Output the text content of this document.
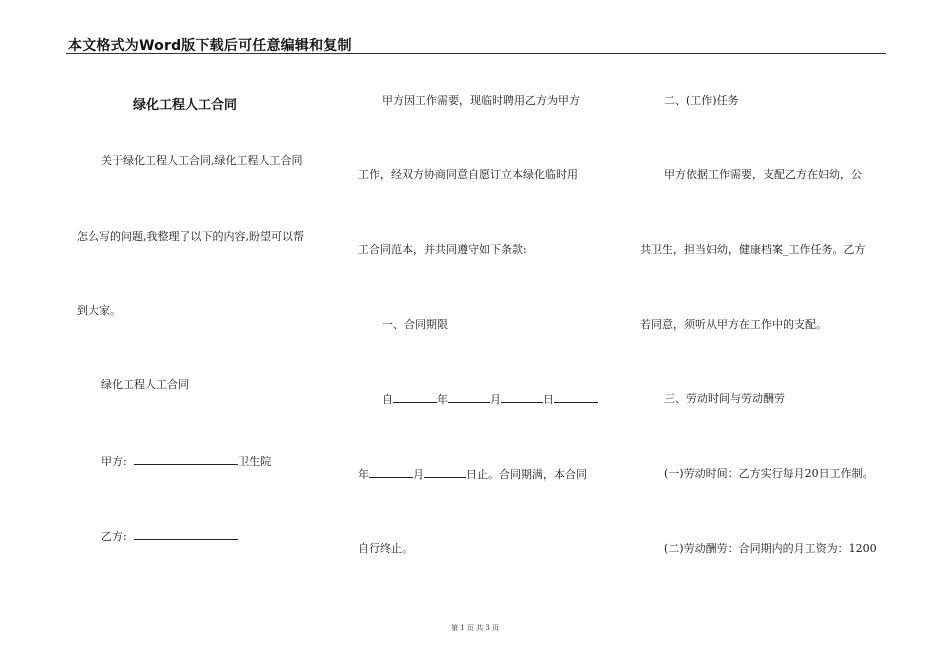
本文格式为Word版下载后可任意编辑和复制
绿化工程人工合同
关于绿化工程人工合同,绿化工程人工合同
怎么写的问题,我整理了以下的内容,盼望可以帮
到大家。
绿化工程人工合同
甲方:	卫生院
乙方:
甲方因工作需要，现临时聘用乙方为甲方
工作，经双方协商同意自愿订立本绿化临时用
工合同范本，并共同遵守如下条款:
一、合同期限
自	年	月	日
年	月	日止。合同期满，本合同
自行终止。
二、(工作)任务
甲方依据工作需要，支配乙方在妇幼，公
共卫生，担当妇幼，健康档案_工作任务。乙方
若同意，须听从甲方在工作中的支配。
三、劳动时间与劳动酬劳
(一)劳动时间：乙方实行每月20日工作制。
(二)劳动酬劳：合同期内的月工资为：1200
第 1 页 共 3 页
